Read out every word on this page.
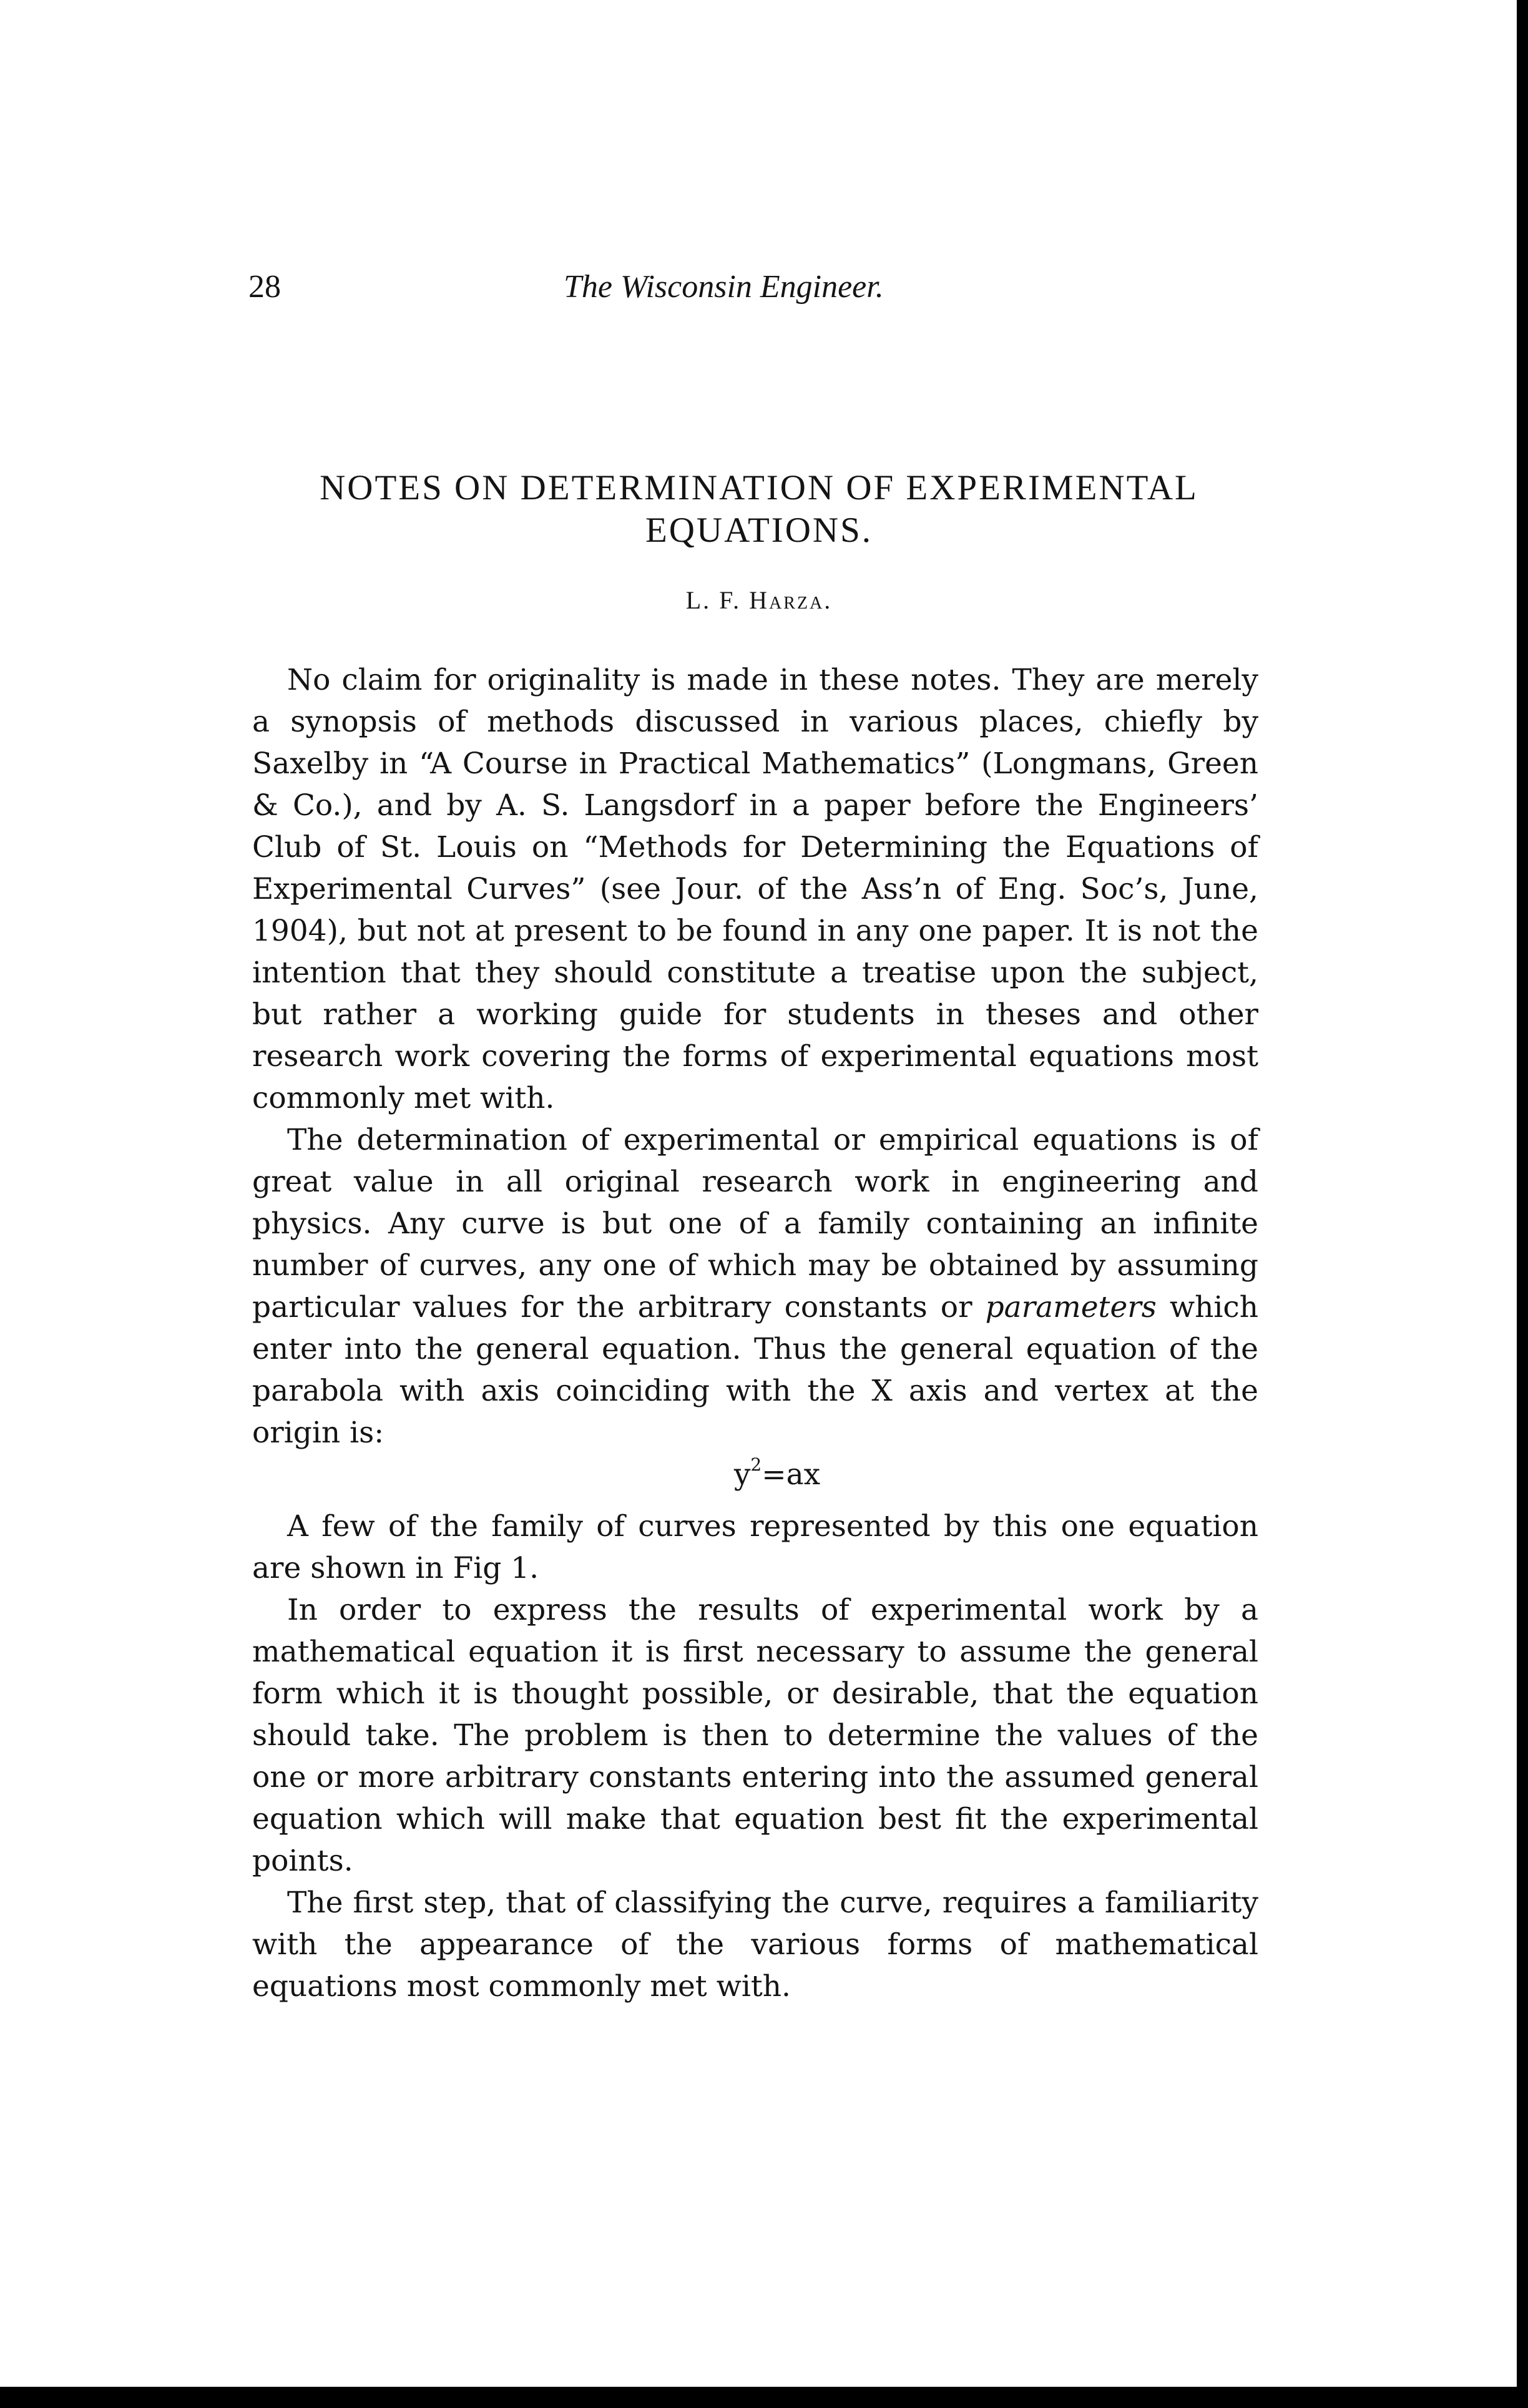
28	The Wisconsin Engineer.
NOTES ON DETERMINATION OF EXPERIMENTAL
EQUATIONS.
L. F. Harza.

No claim for originality is made in these notes. They are merely a synopsis of methods discussed in various places, chiefly by Saxelby in “A Course in Practical Mathematics” (Longmans, Green & Co.), and by A. S. Langsdorf in a paper before the Engineers’ Club of St. Louis on “Methods for Determining the Equations of Experimental Curves” (see Jour. of the Ass’n of Eng. Soc’s, June, 1904), but not at present to be found in any one paper. It is not the intention that they should constitute a treatise upon the subject, but rather a working guide for students in theses and other research work covering the forms of experimental equations most commonly met with.

The determination of experimental or empirical equations is of great value in all original research work in engineering and physics. Any curve is but one of a family containing an infinite number of curves, any one of which may be obtained by assuming particular values for the arbitrary constants or parameters which enter into the general equation. Thus the general equation of the parabola with axis coinciding with the X axis and vertex at the origin is:

$y^2=ax$

A few of the family of curves represented by this one equation are shown in Fig 1.

In order to express the results of experimental work by a mathematical equation it is first necessary to assume the general form which it is thought possible, or desirable, that the equation should take. The problem is then to determine the values of the one or more arbitrary constants entering into the assumed general equation which will make that equation best fit the experimental points.

The first step, that of classifying the curve, requires a familiarity with the appearance of the various forms of mathematical equations most commonly met with.
